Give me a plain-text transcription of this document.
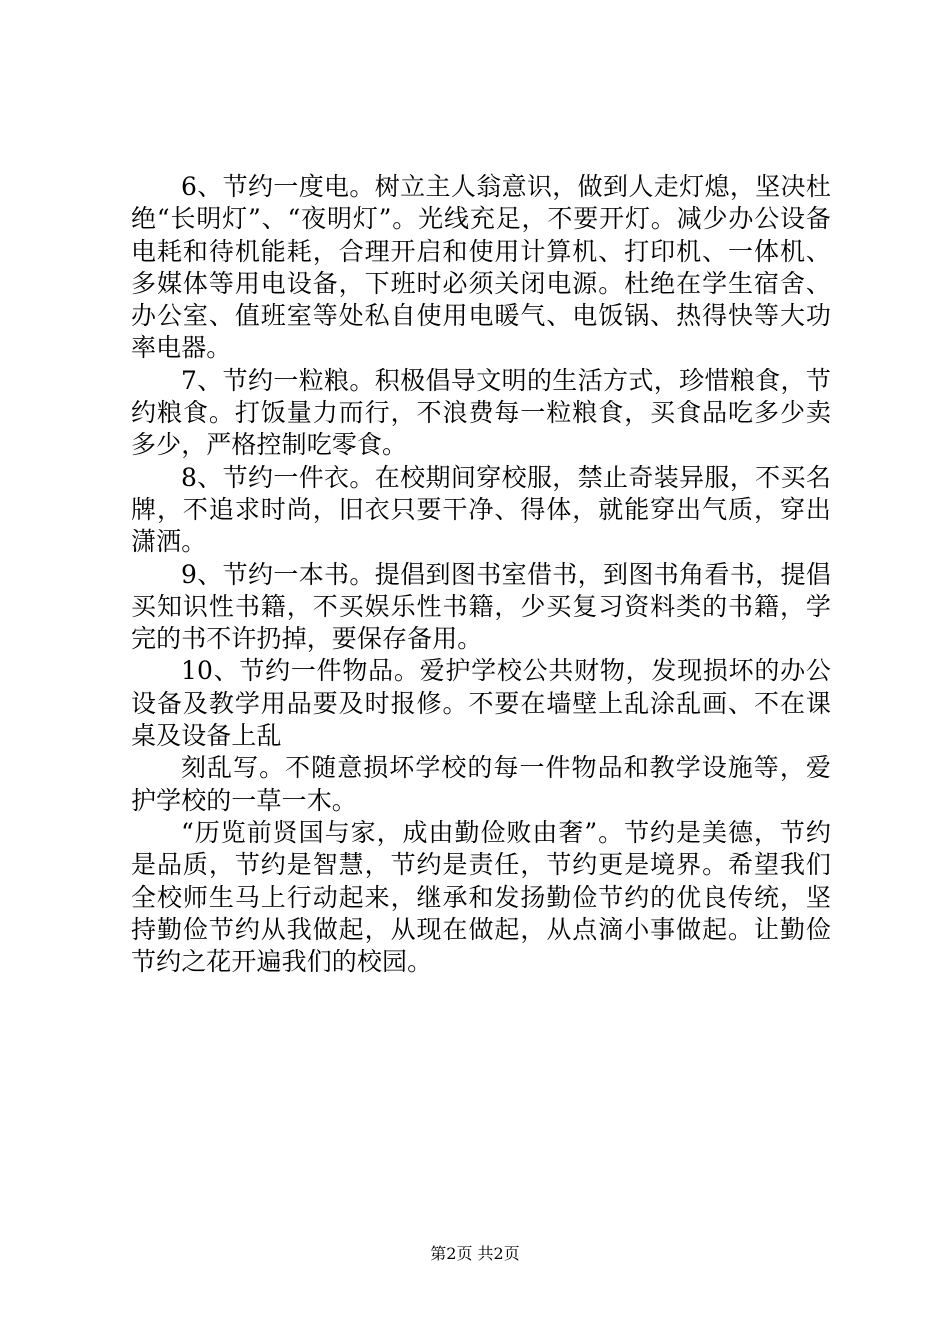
6、节约一度电。树立主人翁意识，做到人走灯熄，坚决杜绝“长明灯”、“夜明灯”。光线充足，不要开灯。减少办公设备电耗和待机能耗，合理开启和使用计算机、打印机、一体机、多媒体等用电设备，下班时必须关闭电源。杜绝在学生宿舍、办公室、值班室等处私自使用电暖气、电饭锅、热得快等大功率电器。

7、节约一粒粮。积极倡导文明的生活方式，珍惜粮食，节约粮食。打饭量力而行，不浪费每一粒粮食，买食品吃多少卖多少，严格控制吃零食。

8、节约一件衣。在校期间穿校服，禁止奇装异服，不买名牌，不追求时尚，旧衣只要干净、得体，就能穿出气质，穿出潇洒。

9、节约一本书。提倡到图书室借书，到图书角看书，提倡买知识性书籍，不买娱乐性书籍，少买复习资料类的书籍，学完的书不许扔掉，要保存备用。

10、节约一件物品。爱护学校公共财物，发现损坏的办公设备及教学用品要及时报修。不要在墙壁上乱涂乱画、不在课桌及设备上乱

刻乱写。不随意损坏学校的每一件物品和教学设施等，爱护学校的一草一木。

“历览前贤国与家，成由勤俭败由奢”。节约是美德，节约是品质，节约是智慧，节约是责任，节约更是境界。希望我们全校师生马上行动起来，继承和发扬勤俭节约的优良传统，坚持勤俭节约从我做起，从现在做起，从点滴小事做起。让勤俭节约之花开遍我们的校园。

第2页 共2页
